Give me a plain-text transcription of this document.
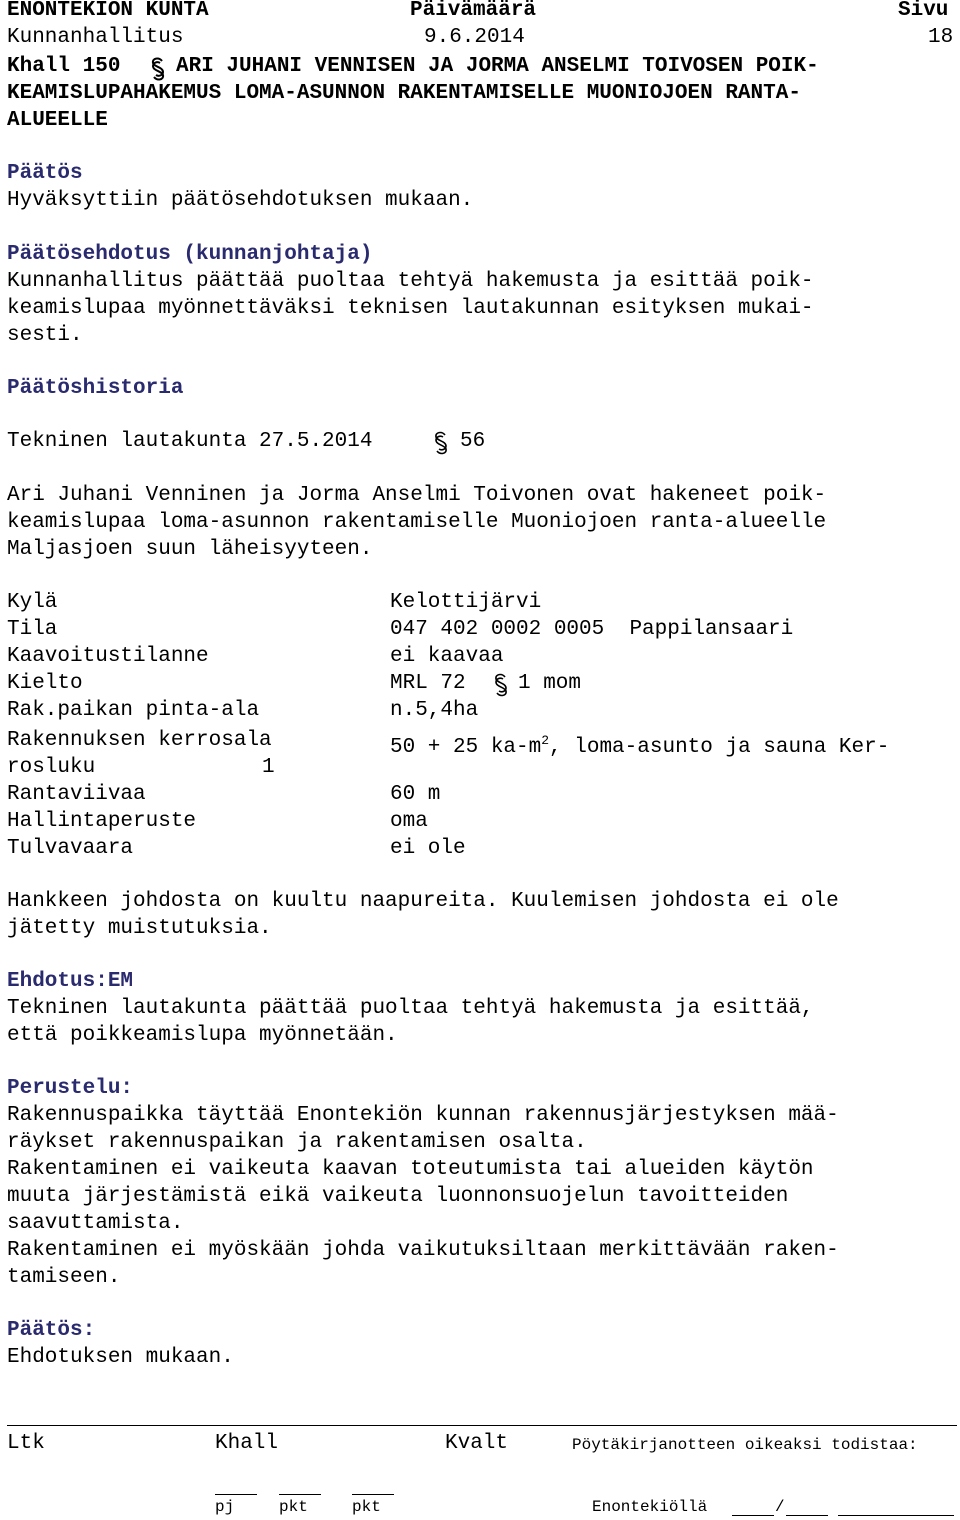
ENONTEKIÖN KUNTA	Päivämäärä	Sivu
Kunnanhallitus	9.6.2014	18
Khall 150	ARI JUHANI VENNISEN JA JORMA ANSELMI TOIVOSEN POIK-
KEAMISLUPAHAKEMUS LOMA-ASUNNON RAKENTAMISELLE MUONIOJOEN RANTA-
ALUEELLE
Päätös
Hyväksyttiin päätösehdotuksen mukaan.
Päätösehdotus (kunnanjohtaja)
Kunnanhallitus päättää puoltaa tehtyä hakemusta ja esittää poik-
keamislupaa myönnettäväksi teknisen lautakunnan esityksen mukai-
sesti.
Päätöshistoria
Tekninen lautakunta 27.5.2014	56
Ari Juhani Venninen ja Jorma Anselmi Toivonen ovat hakeneet poik-
keamislupaa loma-asunnon rakentamiselle Muoniojoen ranta-alueelle
Maljasjoen suun läheisyyteen.
Kylä	Kelottijärvi
Tila	047 402 0002 0005  Pappilansaari
Kaavoitustilanne	ei kaavaa
Kielto	MRL 72 1 mom
Rak.paikan pinta-ala	n.5,4ha
Rakennuksen kerrosala	50 + 25 $ka-m^2$, loma-asunto ja sauna Ker-
rosluku	1
Rantaviivaa	60 m
Hallintaperuste	oma
Tulvavaara	ei ole
Hankkeen johdosta on kuultu naapureita. Kuulemisen johdosta ei ole
jätetty muistutuksia.
Ehdotus:EM
Tekninen lautakunta päättää puoltaa tehtyä hakemusta ja esittää,
että poikkeamislupa myönnetään.
Perustelu:
Rakennuspaikka täyttää Enontekiön kunnan rakennusjärjestyksen mää-
räykset rakennuspaikan ja rakentamisen osalta.
Rakentaminen ei vaikeuta kaavan toteutumista tai alueiden käytön
muuta järjestämistä eikä vaikeuta luonnonsuojelun tavoitteiden
saavuttamista.
Rakentaminen ei myöskään johda vaikutuksiltaan merkittävään raken-
tamiseen.
Päätös:
Ehdotuksen mukaan.
Ltk	Khall	Kvalt	Pöytäkirjanotteen oikeaksi todistaa:
pj	pkt	pkt	Enontekiöllä	/
